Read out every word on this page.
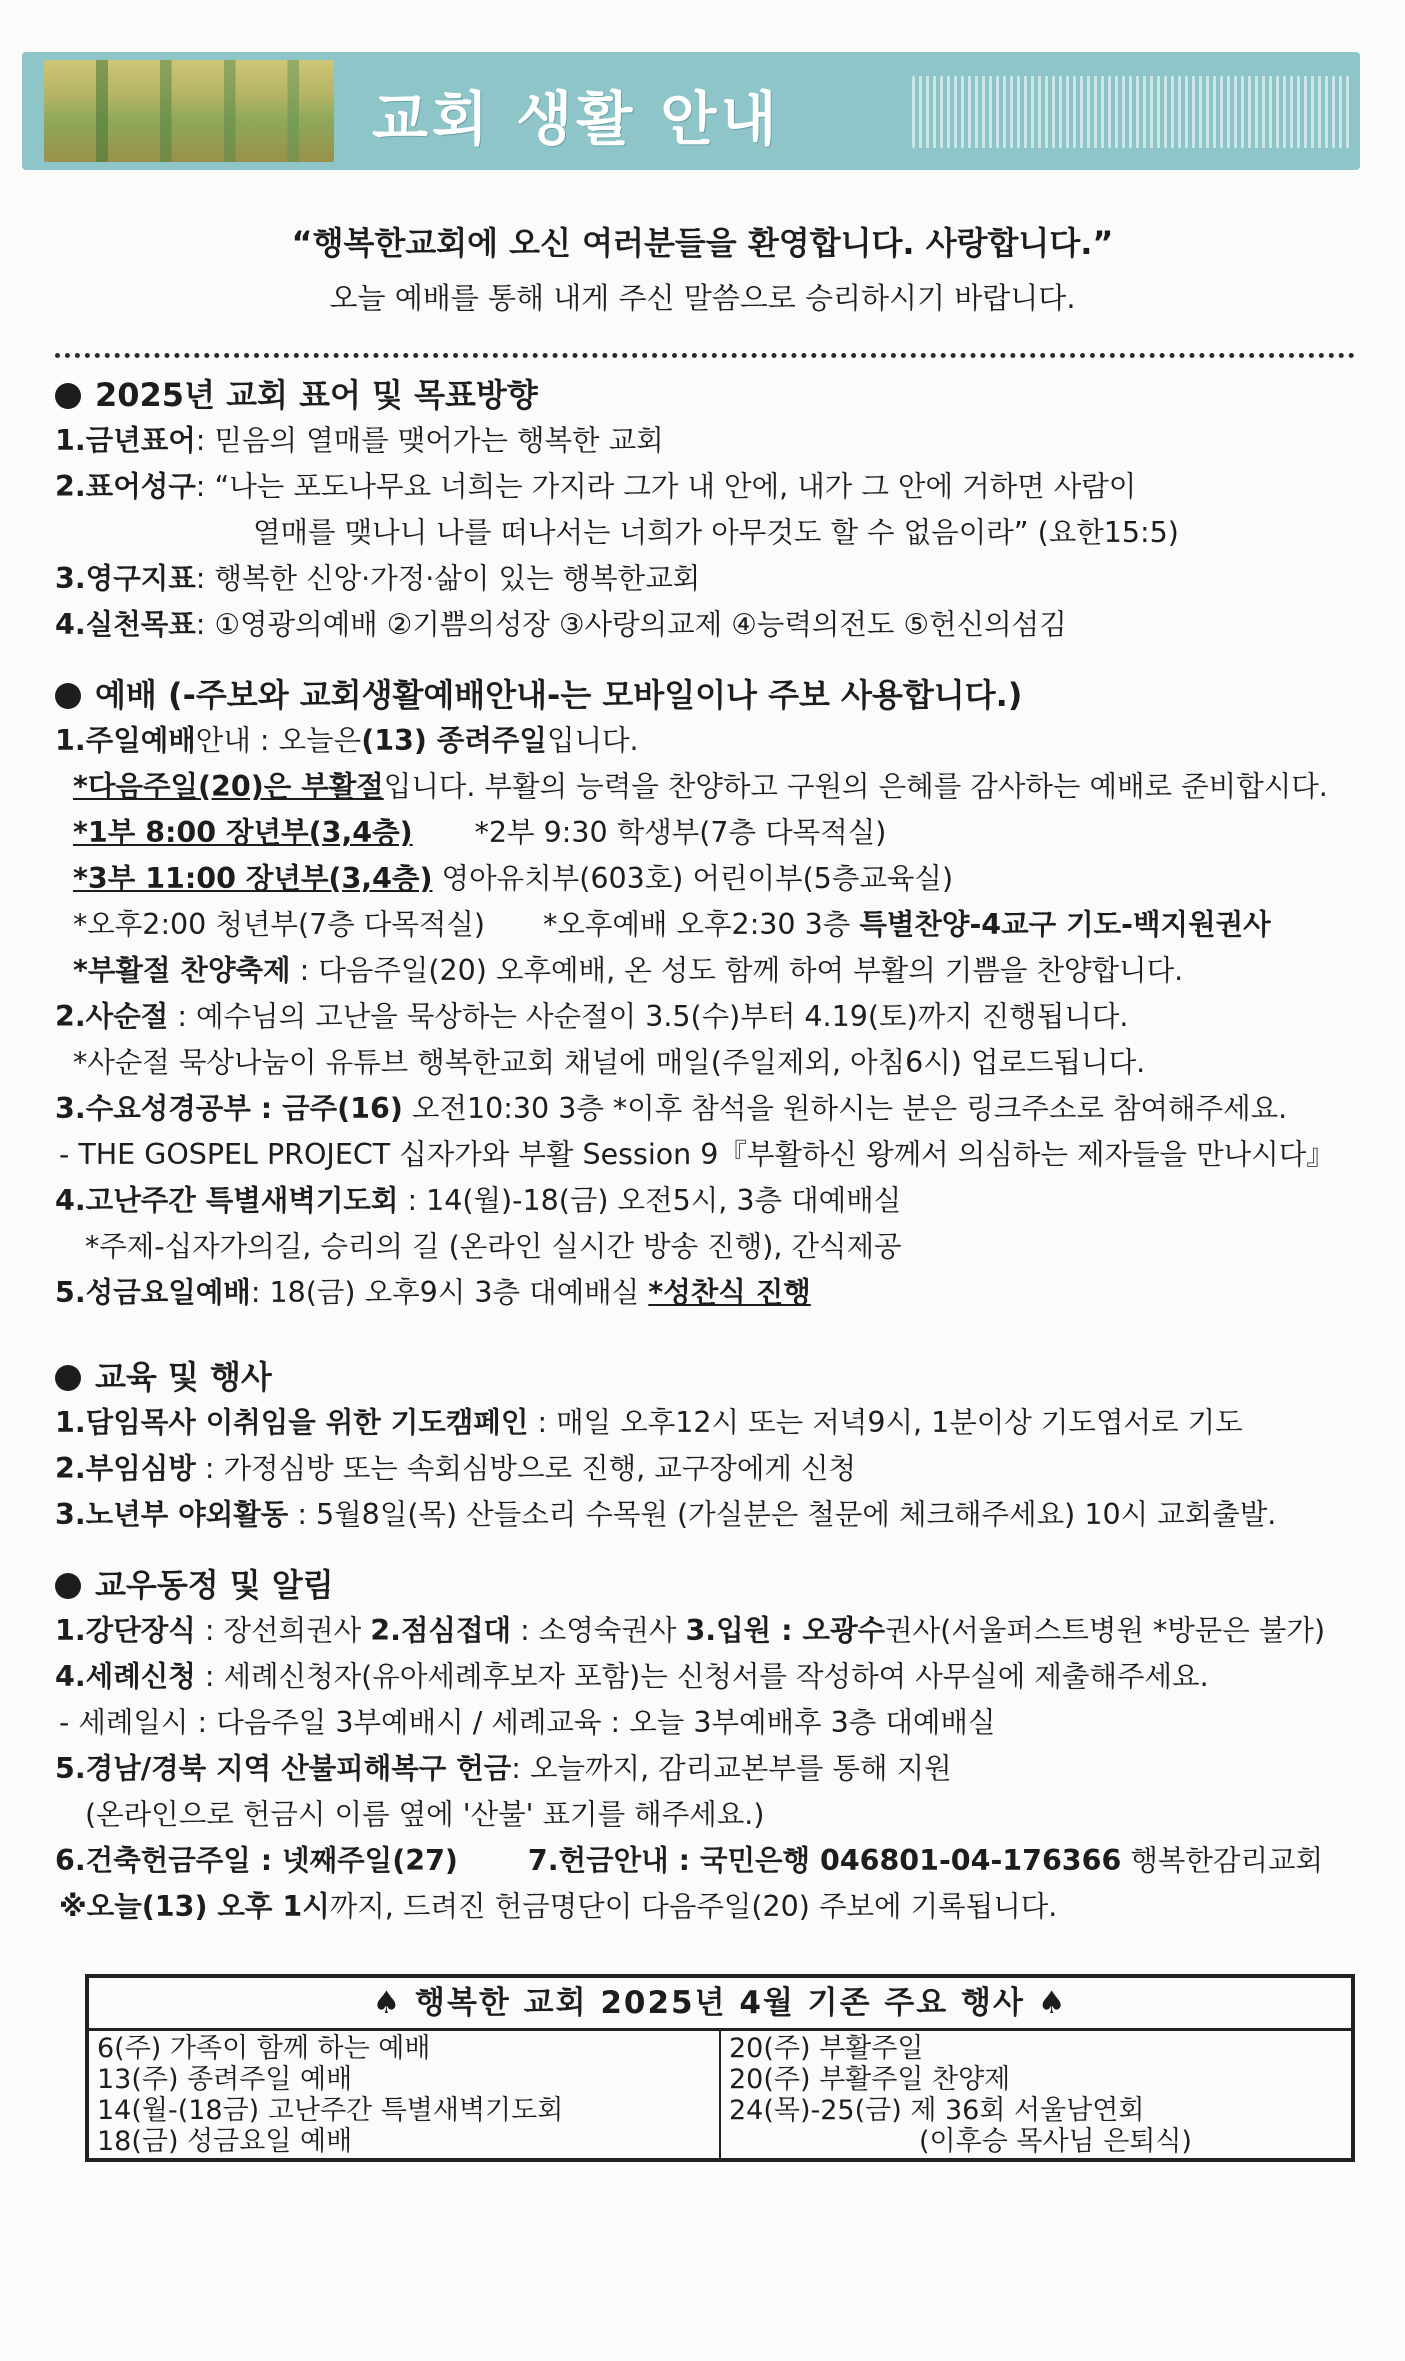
교회 생활 안내
“행복한교회에 오신 여러분들을 환영합니다. 사랑합니다.”
오늘 예배를 통해 내게 주신 말씀으로 승리하시기 바랍니다.
2025년 교회 표어 및 목표방향
1.금년표어: 믿음의 열매를 맺어가는 행복한 교회
2.표어성구: “나는 포도나무요 너희는 가지라 그가 내 안에, 내가 그 안에 거하면 사람이
열매를 맺나니 나를 떠나서는 너희가 아무것도 할 수 없음이라” (요한15:5)
3.영구지표: 행복한 신앙·가정·삶이 있는 행복한교회
4.실천목표: ①영광의예배 ②기쁨의성장 ③사랑의교제 ④능력의전도 ⑤헌신의섬김
예배 (-주보와 교회생활예배안내-는 모바일이나 주보 사용합니다.)
1.주일예배안내 : 오늘은(13) 종려주일입니다.
*다음주일(20)은 부활절입니다. 부활의 능력을 찬양하고 구원의 은혜를 감사하는 예배로 준비합시다.
*1부 8:00 장년부(3,4층) *2부 9:30 학생부(7층 다목적실)
*3부 11:00 장년부(3,4층) 영아유치부(603호) 어린이부(5층교육실)
*오후2:00 청년부(7층 다목적실) *오후예배 오후2:30 3층 특별찬양-4교구 기도-백지원권사
*부활절 찬양축제 : 다음주일(20) 오후예배, 온 성도 함께 하여 부활의 기쁨을 찬양합니다.
2.사순절 : 예수님의 고난을 묵상하는 사순절이 3.5(수)부터 4.19(토)까지 진행됩니다.
*사순절 묵상나눔이 유튜브 행복한교회 채널에 매일(주일제외, 아침6시) 업로드됩니다.
3.수요성경공부 : 금주(16) 오전10:30 3층 *이후 참석을 원하시는 분은 링크주소로 참여해주세요.
- THE GOSPEL PROJECT 십자가와 부활 Session 9『부활하신 왕께서 의심하는 제자들을 만나시다』
4.고난주간 특별새벽기도회 : 14(월)-18(금) 오전5시, 3층 대예배실
*주제-십자가의길, 승리의 길 (온라인 실시간 방송 진행), 간식제공
5.성금요일예배: 18(금) 오후9시 3층 대예배실 *성찬식 진행
교육 및 행사
1.담임목사 이취임을 위한 기도캠페인 : 매일 오후12시 또는 저녁9시, 1분이상 기도엽서로 기도
2.부임심방 : 가정심방 또는 속회심방으로 진행, 교구장에게 신청
3.노년부 야외활동 : 5월8일(목) 산들소리 수목원 (가실분은 철문에 체크해주세요) 10시 교회출발.
교우동정 및 알림
1.강단장식 : 장선희권사 2.점심접대 : 소영숙권사 3.입원 : 오광수권사(서울퍼스트병원 *방문은 불가)
4.세례신청 : 세례신청자(유아세례후보자 포함)는 신청서를 작성하여 사무실에 제출해주세요.
- 세례일시 : 다음주일 3부예배시 / 세례교육 : 오늘 3부예배후 3층 대예배실
5.경남/경북 지역 산불피해복구 헌금: 오늘까지, 감리교본부를 통해 지원
(온라인으로 헌금시 이름 옆에 '산불' 표기를 해주세요.)
6.건축헌금주일 : 넷째주일(27) 7.헌금안내 : 국민은행 046801-04-176366 행복한감리교회
※오늘(13) 오후 1시까지, 드려진 헌금명단이 다음주일(20) 주보에 기록됩니다.
♠ 행복한 교회 2025년 4월 기존 주요 행사 ♠
6(주) 가족이 함께 하는 예배
13(주) 종려주일 예배
14(월-(18금) 고난주간 특별새벽기도회
18(금) 성금요일 예배
20(주) 부활주일
20(주) 부활주일 찬양제
24(목)-25(금) 제 36회 서울남연회
(이후승 목사님 은퇴식)
